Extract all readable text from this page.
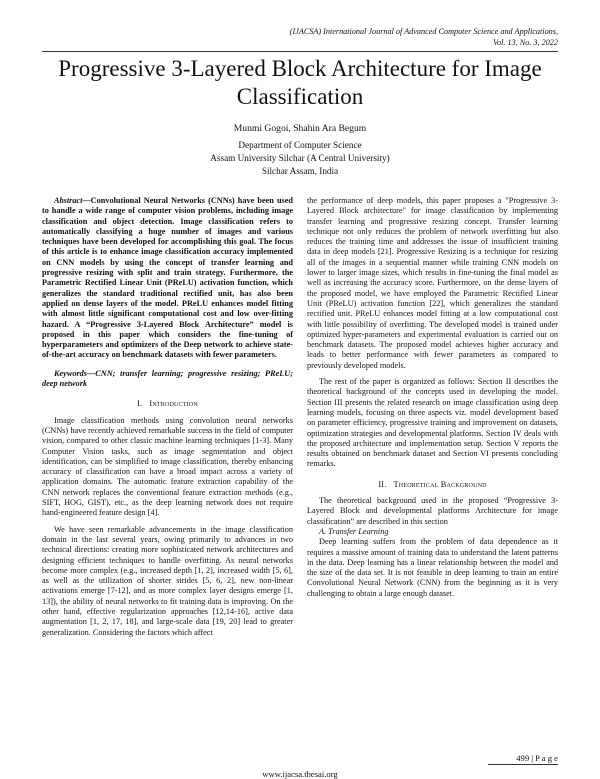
(IJACSA) International Journal of Advanced Computer Science and Applications,
Vol. 13, No. 3, 2022
Progressive 3-Layered Block Architecture for Image Classification
Munmi Gogoi, Shahin Ara Begum
Department of Computer Science
Assam University Silchar (A Central University)
Silchar Assam, India

Abstract—Convolutional Neural Networks (CNNs) have been used to handle a wide range of computer vision problems, including image classification and object detection. Image classification refers to automatically classifying a huge number of images and various techniques have been developed for accomplishing this goal. The focus of this article is to enhance image classification accuracy implemented on CNN models by using the concept of transfer learning and progressive resizing with split and train strategy. Furthermore, the Parametric Rectified Linear Unit (PReLU) activation function, which generalizes the standard traditional rectified unit, has also been applied on dense layers of the model. PReLU enhances model fitting with almost little significant computational cost and low over-fitting hazard. A “Progressive 3-Layered Block Architecture” model is proposed in this paper which considers the fine-tuning of hyperparameters and optimizers of the Deep network to achieve state-of-the-art accuracy on benchmark datasets with fewer parameters.

Keywords—CNN; transfer learning; progressive resizing; PReLU; deep network

I. Introduction

Image classification methods using convolution neural networks (CNNs) have recently achieved remarkable success in the field of computer vision, compared to other classic machine learning techniques [1-3]. Many Computer Vision tasks, such as image segmentation and object identification, can be simplified to image classification, thereby enhancing accuracy of classification can have a broad impact across a variety of application domains. The automatic feature extraction capability of the CNN network replaces the conventional feature extraction methods (e.g., SIFT, HOG, GIST), etc., as the deep learning network does not require hand-engineered feature design [4].

We have seen remarkable advancements in the image classification domain in the last several years, owing primarily to advances in two technical directions: creating more sophisticated network architectures and designing efficient techniques to handle overfitting. As neural networks become more complex (e.g., increased depth [1, 2], increased width [5, 6], as well as the utilization of shorter strides [5, 6, 2], new non-linear activations emerge [7-12], and as more complex layer designs emerge [1, 13]), the ability of neural networks to fit training data is improving. On the other hand, effective regularization approaches [12,14-16], active data augmentation [1, 2, 17, 18], and large-scale data [19, 20] lead to greater generalization. Considering the factors which affect

the performance of deep models, this paper proposes a "Progressive 3-Layered Block architecture" for image classification by implementing transfer learning and progressive resizing concept. Transfer learning technique not only reduces the problem of network overfitting but also reduces the training time and addresses the issue of insufficient training data in deep models [21]. Progressive Resizing is a technique for resizing all of the images in a sequential manner while training CNN models on lower to larger image sizes, which results in fine-tuning the final model as well as increasing the accuracy score. Furthermore, on the dense layers of the proposed model, we have employed the Parametric Rectified Linear Unit (PReLU) activation function [22], which generalizes the standard rectified unit. PReLU enhances model fitting at a low computational cost with little possibility of overfitting. The developed model is trained under optimized hyper-parameters and experimental evaluation is carried out on benchmark datasets. The proposed model achieves higher accuracy and leads to better performance with fewer parameters as compared to previously developed models.

The rest of the paper is organized as follows: Section II describes the theoretical background of the concepts used in developing the model. Section III presents the related research on image classification using deep learning models, focusing on three aspects viz. model development based on parameter efficiency, progressive training and improvement on datasets, optimization strategies and developmental platforms. Section IV deals with the proposed architecture and implementation setup. Section V reports the results obtained on benchmark dataset and Section VI presents concluding remarks.

II. Theoretical Background

The theoretical background used in the proposed “Progressive 3-Layered Block and developmental platforms Architecture for image classification” are described in this section

A. Transfer Learning

Deep learning suffers from the problem of data dependence as it requires a massive amount of training data to understand the latent patterns in the data. Deep learning has a linear relationship between the model and the size of the data set. It is not feasible in deep learning to train an entire Convolutional Neural Network (CNN) from the beginning as it is very challenging to obtain a large enough dataset.

499 | P a g e
www.ijacsa.thesai.org
